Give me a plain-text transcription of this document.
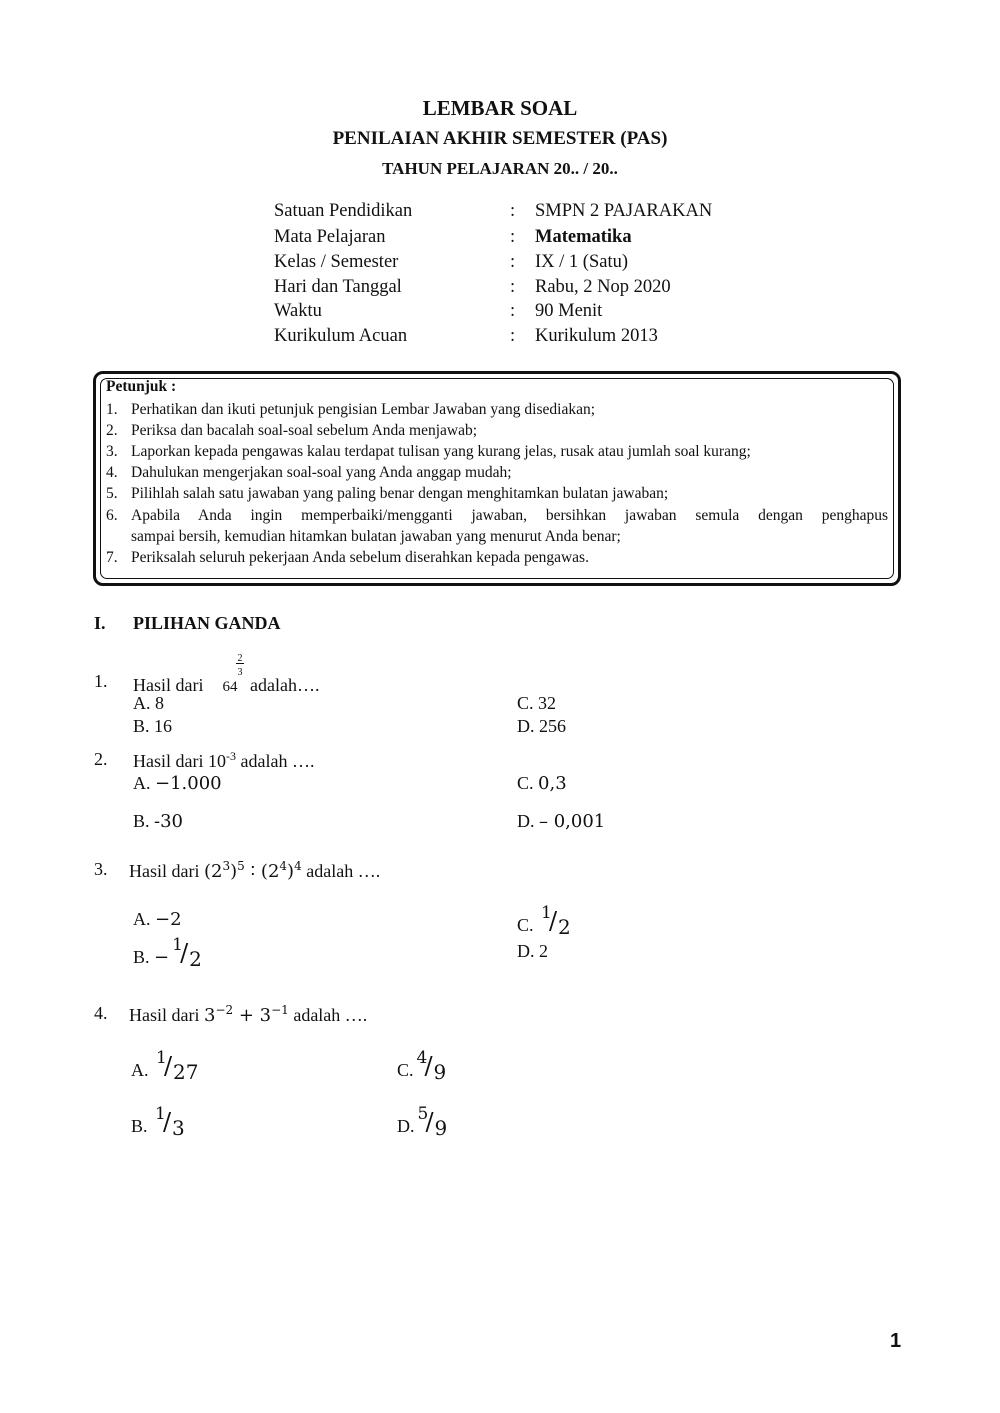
LEMBAR SOAL
PENILAIAN AKHIR SEMESTER (PAS)
TAHUN PELAJARAN 20.. / 20..
Satuan Pendidikan	: SMPN 2 PAJARAKAN
Mata Pelajaran	: Matematika
Kelas / Semester	: IX / 1 (Satu)
Hari dan Tanggal	: Rabu, 2 Nop 2020
Waktu	: 90 Menit
Kurikulum Acuan	: Kurikulum 2013
Petunjuk :
1. Perhatikan dan ikuti petunjuk pengisian Lembar Jawaban yang disediakan;
2. Periksa dan bacalah soal-soal sebelum Anda menjawab;
3. Laporkan kepada pengawas kalau terdapat tulisan yang kurang jelas, rusak atau jumlah soal kurang;
4. Dahulukan mengerjakan soal-soal yang Anda anggap mudah;
5. Pilihlah salah satu jawaban yang paling benar dengan menghitamkan bulatan jawaban;
6. Apabila Anda ingin memperbaiki/mengganti jawaban, bersihkan jawaban semula dengan penghapus
sampai bersih, kemudian hitamkan bulatan jawaban yang menurut Anda benar;
7. Periksalah seluruh pekerjaan Anda sebelum diserahkan kepada pengawas.
I. PILIHAN GANDA
1. Hasil dari $64 \frac{2}{3}$ adalah….
A. 8
B. 16
C. 32
D. 256
2. Hasil dari $10^{-3}$ adalah ….
A. −1.000
B. -30
C. 0,3
D. – 0,001
3. Hasil dari $(2^3)^5$ ∶ $(2^4)^4$ adalah ….
A. −2
B. −
1
/ 2
C.
1
/ 2
D. 2
4. Hasil dari $3^{-2} + 3^{-1}$ adalah ….
A.
1
/ 27
B.
1
/ 3
C.
4
/ 9
D.
5
/ 9
1
